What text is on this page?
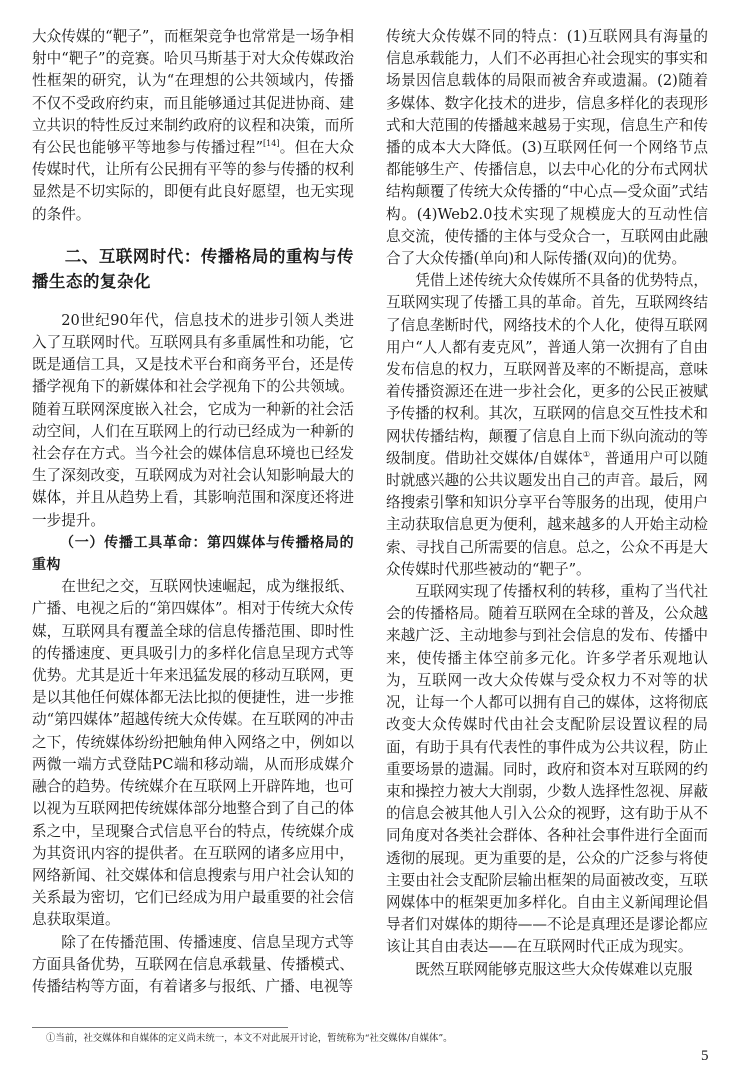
大众传媒的“靶子”，而框架竞争也常常是一场争相射中“靶子”的竞赛。哈贝马斯基于对大众传媒政治性框架的研究，认为“在理想的公共领域内，传播不仅不受政府约束，而且能够通过其促进协商、建立共识的特性反过来制约政府的议程和决策，而所有公民也能够平等地参与传播过程”[14]。但在大众传媒时代，让所有公民拥有平等的参与传播的权利显然是不切实际的，即便有此良好愿望，也无实现的条件。

二、互联网时代：传播格局的重构与传播生态的复杂化

20世纪90年代，信息技术的进步引领人类进入了互联网时代。互联网具有多重属性和功能，它既是通信工具，又是技术平台和商务平台，还是传播学视角下的新媒体和社会学视角下的公共领域。随着互联网深度嵌入社会，它成为一种新的社会活动空间，人们在互联网上的行动已经成为一种新的社会存在方式。当今社会的媒体信息环境也已经发生了深刻改变，互联网成为对社会认知影响最大的媒体，并且从趋势上看，其影响范围和深度还将进一步提升。

（一）传播工具革命：第四媒体与传播格局的重构

在世纪之交，互联网快速崛起，成为继报纸、广播、电视之后的“第四媒体”。相对于传统大众传媒，互联网具有覆盖全球的信息传播范围、即时性的传播速度、更具吸引力的多样化信息呈现方式等优势。尤其是近十年来迅猛发展的移动互联网，更是以其他任何媒体都无法比拟的便捷性，进一步推动“第四媒体”超越传统大众传媒。在互联网的冲击之下，传统媒体纷纷把触角伸入网络之中，例如以两微一端方式登陆PC端和移动端，从而形成媒介融合的趋势。传统媒介在互联网上开辟阵地，也可以视为互联网把传统媒体部分地整合到了自己的体系之中，呈现聚合式信息平台的特点，传统媒介成为其资讯内容的提供者。在互联网的诸多应用中，网络新闻、社交媒体和信息搜索与用户社会认知的关系最为密切，它们已经成为用户最重要的社会信息获取渠道。

除了在传播范围、传播速度、信息呈现方式等方面具备优势，互联网在信息承载量、传播模式、传播结构等方面，有着诸多与报纸、广播、电视等

传统大众传媒不同的特点：(1)互联网具有海量的信息承载能力，人们不必再担心社会现实的事实和场景因信息载体的局限而被舍弃或遗漏。(2)随着多媒体、数字化技术的进步，信息多样化的表现形式和大范围的传播越来越易于实现，信息生产和传播的成本大大降低。(3)互联网任何一个网络节点都能够生产、传播信息，以去中心化的分布式网状结构颠覆了传统大众传播的“中心点—受众面”式结构。(4)Web2.0技术实现了规模庞大的互动性信息交流，使传播的主体与受众合一，互联网由此融合了大众传播(单向)和人际传播(双向)的优势。

凭借上述传统大众传媒所不具备的优势特点，互联网实现了传播工具的革命。首先，互联网终结了信息垄断时代，网络技术的个人化，使得互联网用户“人人都有麦克风”，普通人第一次拥有了自由发布信息的权力，互联网普及率的不断提高，意味着传播资源还在进一步社会化，更多的公民正被赋予传播的权利。其次，互联网的信息交互性技术和网状传播结构，颠覆了信息自上而下纵向流动的等级制度。借助社交媒体/自媒体①，普通用户可以随时就感兴趣的公共议题发出自己的声音。最后，网络搜索引擎和知识分享平台等服务的出现，使用户主动获取信息更为便利，越来越多的人开始主动检索、寻找自己所需要的信息。总之，公众不再是大众传媒时代那些被动的“靶子”。

互联网实现了传播权利的转移，重构了当代社会的传播格局。随着互联网在全球的普及，公众越来越广泛、主动地参与到社会信息的发布、传播中来，使传播主体空前多元化。许多学者乐观地认为，互联网一改大众传媒与受众权力不对等的状况，让每一个人都可以拥有自己的媒体，这将彻底改变大众传媒时代由社会支配阶层设置议程的局面，有助于具有代表性的事件成为公共议程，防止重要场景的遗漏。同时，政府和资本对互联网的约束和操控力被大大削弱，少数人选择性忽视、屏蔽的信息会被其他人引入公众的视野，这有助于从不同角度对各类社会群体、各种社会事件进行全面而透彻的展现。更为重要的是，公众的广泛参与将使主要由社会支配阶层输出框架的局面被改变，互联网媒体中的框架更加多样化。自由主义新闻理论倡导者们对媒体的期待——不论是真理还是谬论都应该让其自由表达——在互联网时代正成为现实。

既然互联网能够克服这些大众传媒难以克服

①当前，社交媒体和自媒体的定义尚未统一，本文不对此展开讨论，暂统称为“社交媒体/自媒体”。
5
